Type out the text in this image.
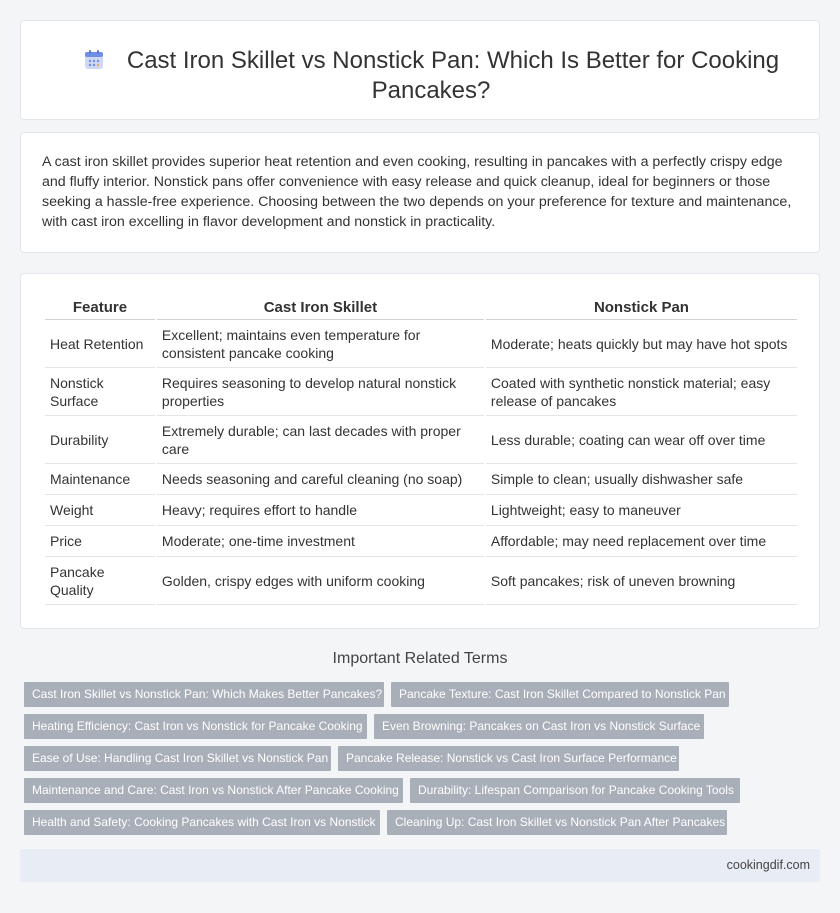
Cast Iron Skillet vs Nonstick Pan: Which Is Better for Cooking Pancakes?

A cast iron skillet provides superior heat retention and even cooking, resulting in pancakes with a perfectly crispy edge and fluffy interior. Nonstick pans offer convenience with easy release and quick cleanup, ideal for beginners or those seeking a hassle-free experience. Choosing between the two depends on your preference for texture and maintenance, with cast iron excelling in flavor development and nonstick in practicality.

Feature	Cast Iron Skillet	Nonstick Pan
Heat Retention	Excellent; maintains even temperature for consistent pancake cooking	Moderate; heats quickly but may have hot spots
Nonstick Surface	Requires seasoning to develop natural nonstick properties	Coated with synthetic nonstick material; easy release of pancakes
Durability	Extremely durable; can last decades with proper care	Less durable; coating can wear off over time
Maintenance	Needs seasoning and careful cleaning (no soap)	Simple to clean; usually dishwasher safe
Weight	Heavy; requires effort to handle	Lightweight; easy to maneuver
Price	Moderate; one-time investment	Affordable; may need replacement over time
Pancake Quality	Golden, crispy edges with uniform cooking	Soft pancakes; risk of uneven browning
Important Related Terms
Cast Iron Skillet vs Nonstick Pan: Which Makes Better Pancakes?	Pancake Texture: Cast Iron Skillet Compared to Nonstick Pan
Heating Efficiency: Cast Iron vs Nonstick for Pancake Cooking	Even Browning: Pancakes on Cast Iron vs Nonstick Surface
Ease of Use: Handling Cast Iron Skillet vs Nonstick Pan	Pancake Release: Nonstick vs Cast Iron Surface Performance
Maintenance and Care: Cast Iron vs Nonstick After Pancake Cooking	Durability: Lifespan Comparison for Pancake Cooking Tools
Health and Safety: Cooking Pancakes with Cast Iron vs Nonstick	Cleaning Up: Cast Iron Skillet vs Nonstick Pan After Pancakes
cookingdif.com
